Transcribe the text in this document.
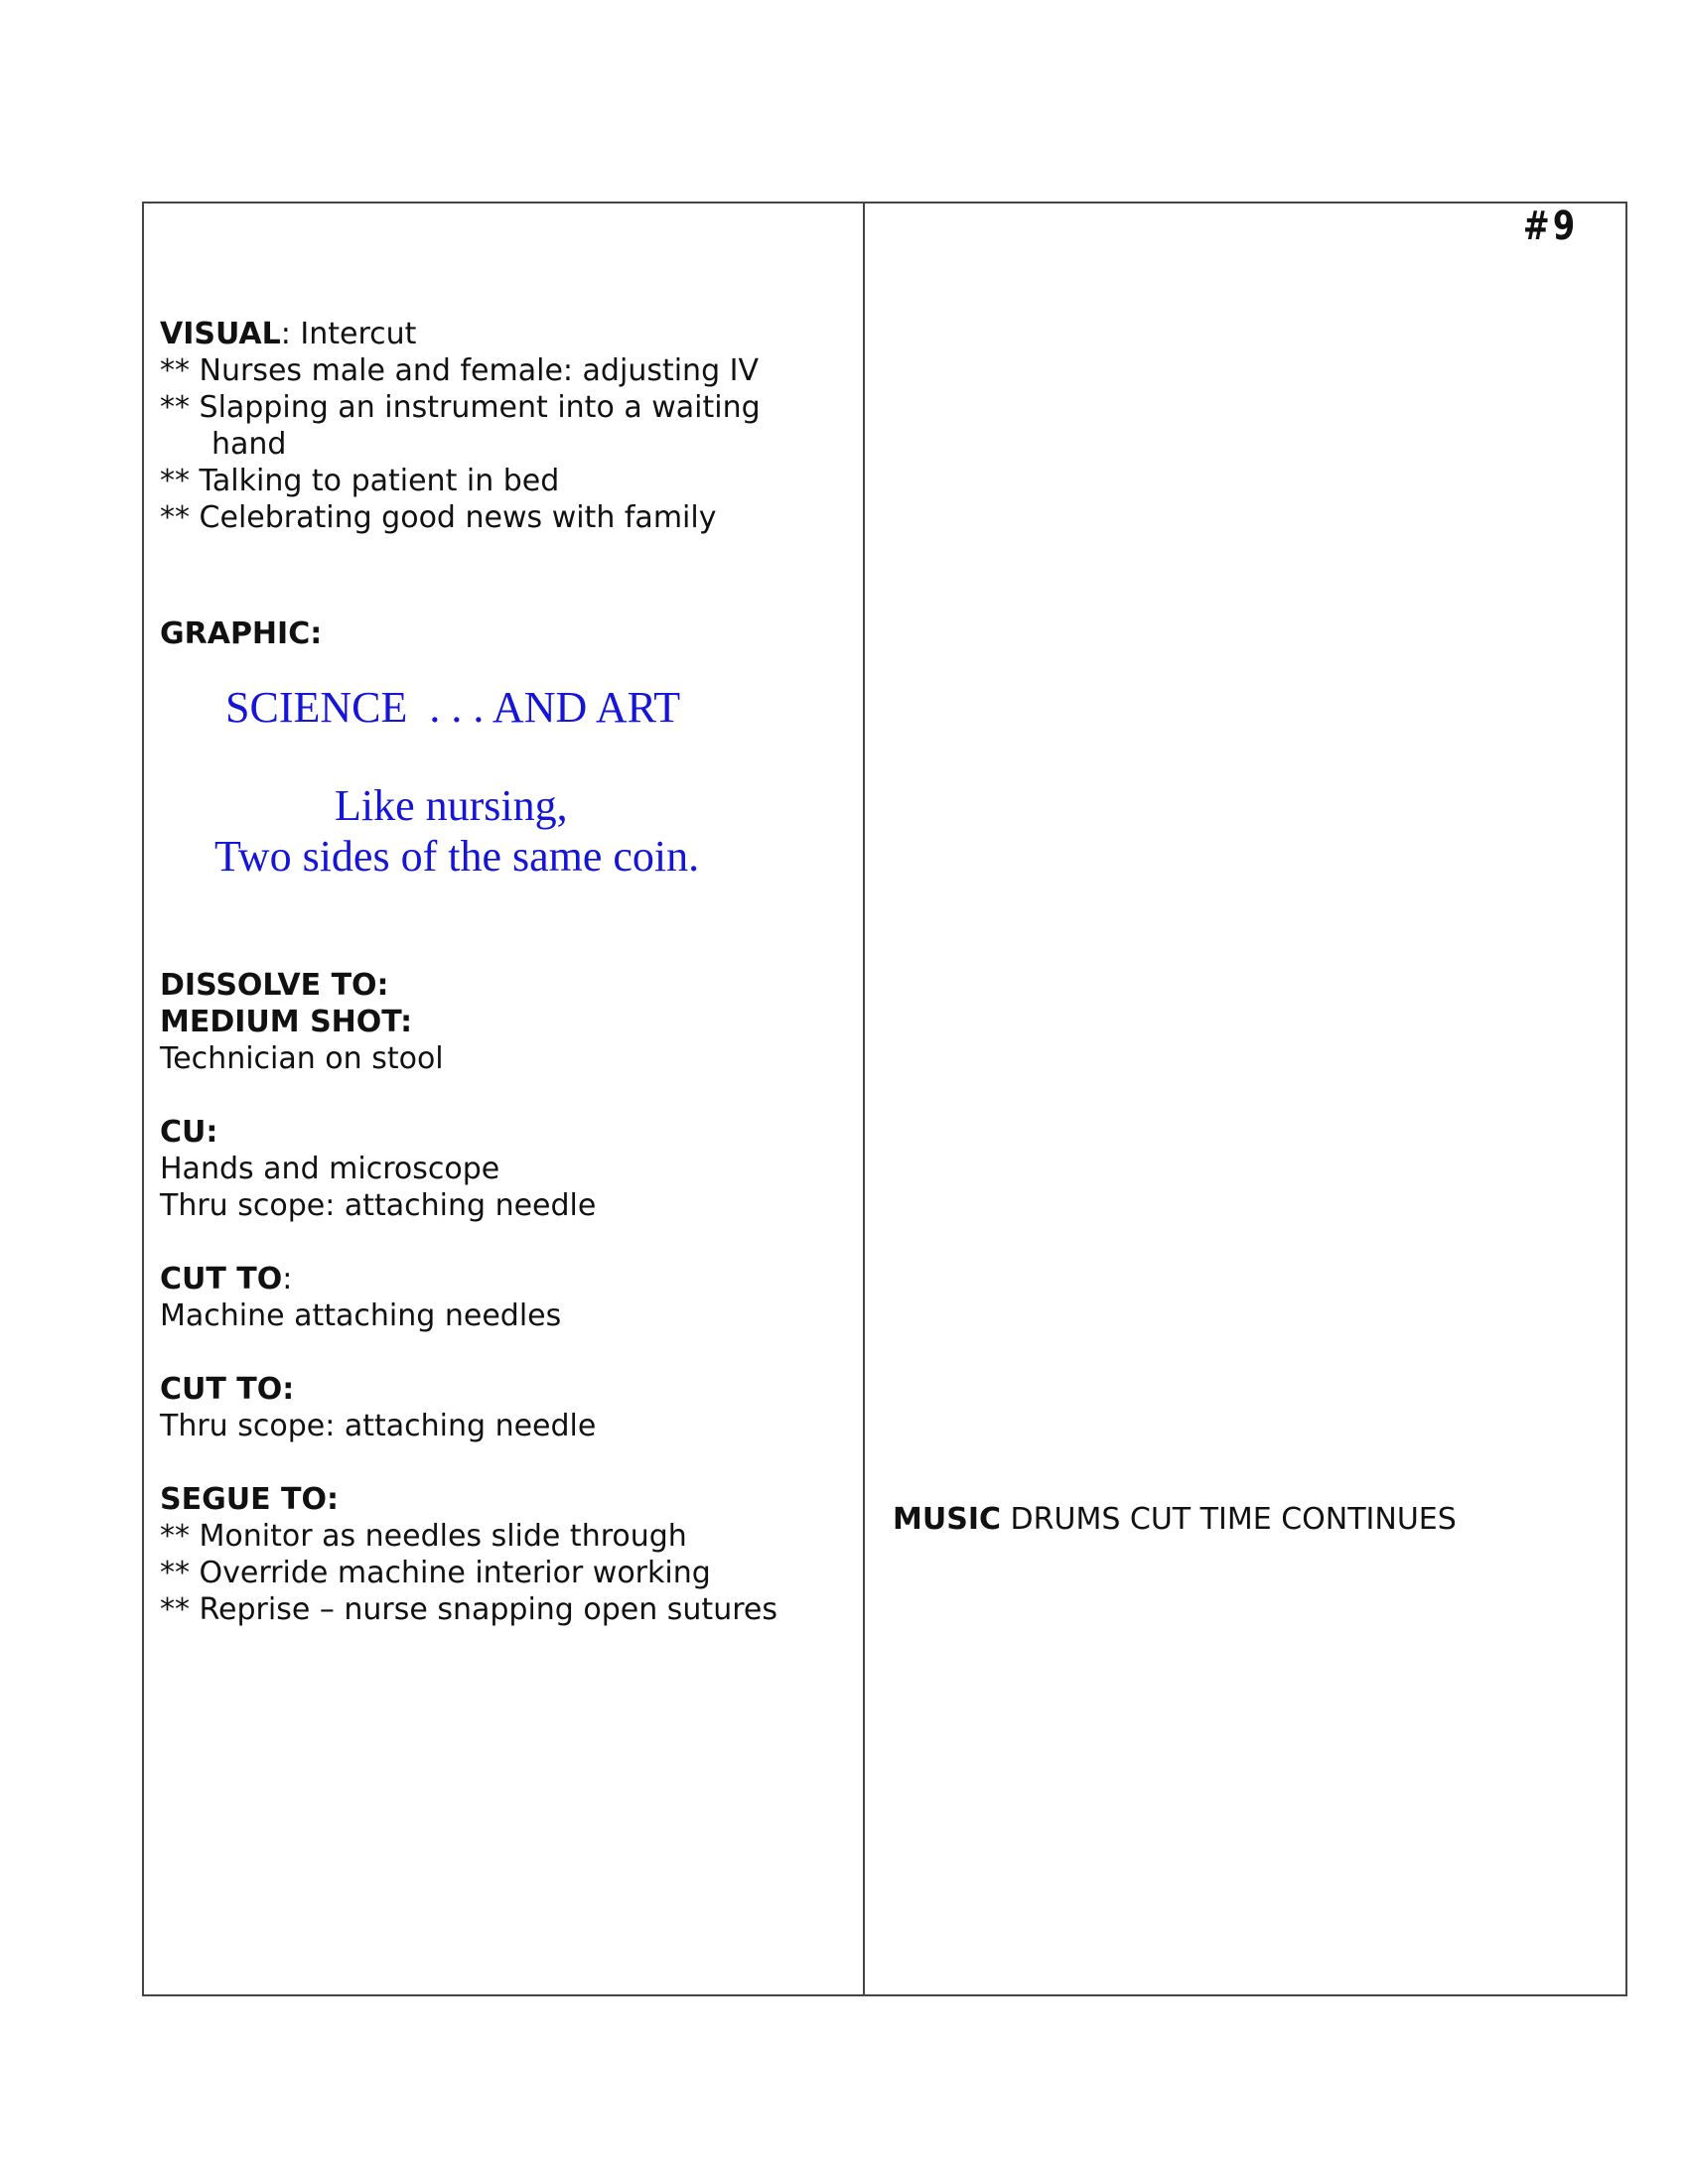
VISUAL: Intercut

** Nurses male and female: adjusting IV

** Slapping an instrument into a waiting

hand

** Talking to patient in bed

** Celebrating good news with family

GRAPHIC:

SCIENCE  . . . AND ART

Like nursing,

Two sides of the same coin.

DISSOLVE TO:

MEDIUM SHOT:

Technician on stool

CU:

Hands and microscope

Thru scope: attaching needle

CUT TO:

Machine attaching needles

CUT TO:

Thru scope: attaching needle

SEGUE TO:

** Monitor as needles slide through

** Override machine interior working

** Reprise – nurse snapping open sutures

#9

MUSIC DRUMS CUT TIME CONTINUES
